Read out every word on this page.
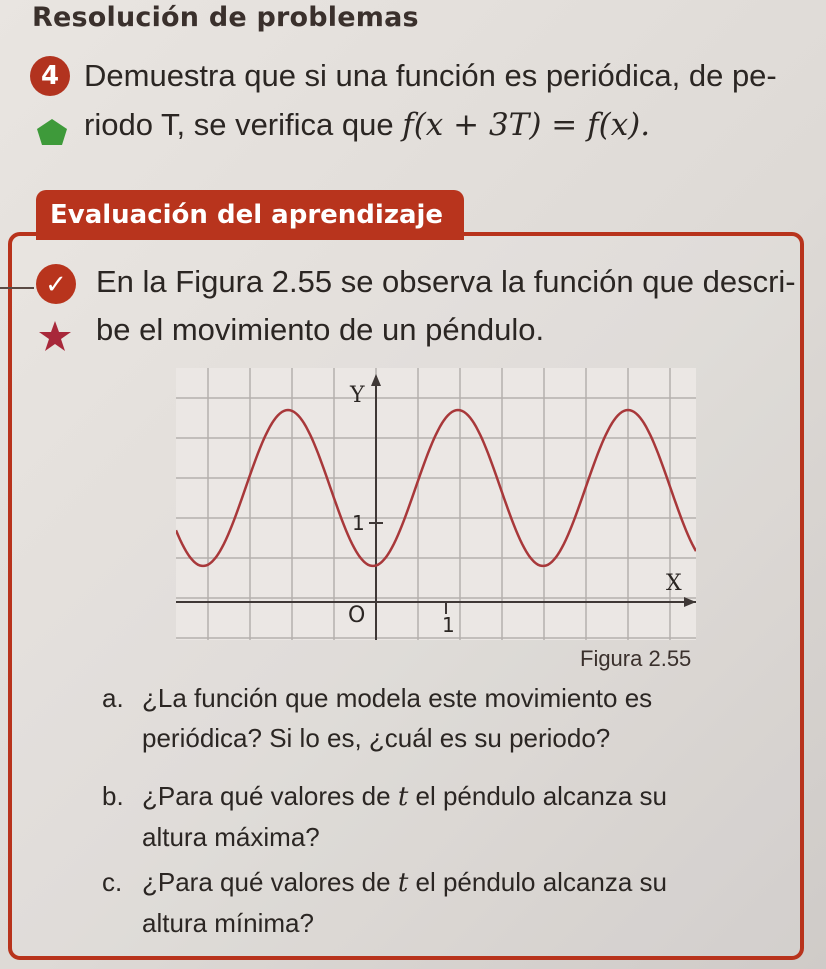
Resolución de problemas
4 Demuestra que si una función es periódica, de pe-
riodo T, se verifica que f(x + 3T) = f(x).
Evaluación del aprendizaje
✓ En la Figura 2.55 se observa la función que descri-
be el movimiento de un péndulo.
Y
X
O	1
1
Figura 2.55
a. ¿La función que modela este movimiento es
periódica? Si lo es, ¿cuál es su periodo?
b. ¿Para qué valores de t el péndulo alcanza su
altura máxima?
c. ¿Para qué valores de t el péndulo alcanza su
altura mínima?
